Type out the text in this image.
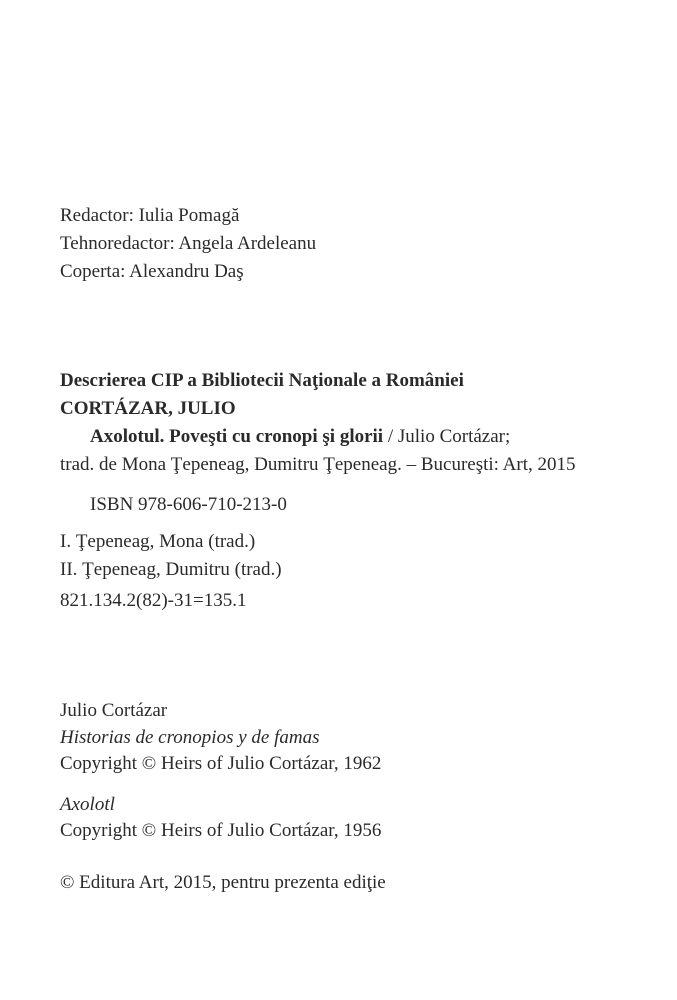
Redactor: Iulia Pomagă
Tehnoredactor: Angela Ardeleanu
Coperta: Alexandru Daş
Descrierea CIP a Bibliotecii Naţionale a României
CORTÁZAR, JULIO
Axolotul. Poveşti cu cronopi şi glorii / Julio Cortázar;
trad. de Mona Ţepeneag, Dumitru Ţepeneag. – Bucureşti: Art, 2015
ISBN 978-606-710-213-0
I. Ţepeneag, Mona (trad.)
II. Ţepeneag, Dumitru (trad.)
821.134.2(82)-31=135.1
Julio Cortázar
Historias de cronopios y de famas
Copyright © Heirs of Julio Cortázar, 1962
Axolotl
Copyright © Heirs of Julio Cortázar, 1956
© Editura Art, 2015, pentru prezenta ediţie
